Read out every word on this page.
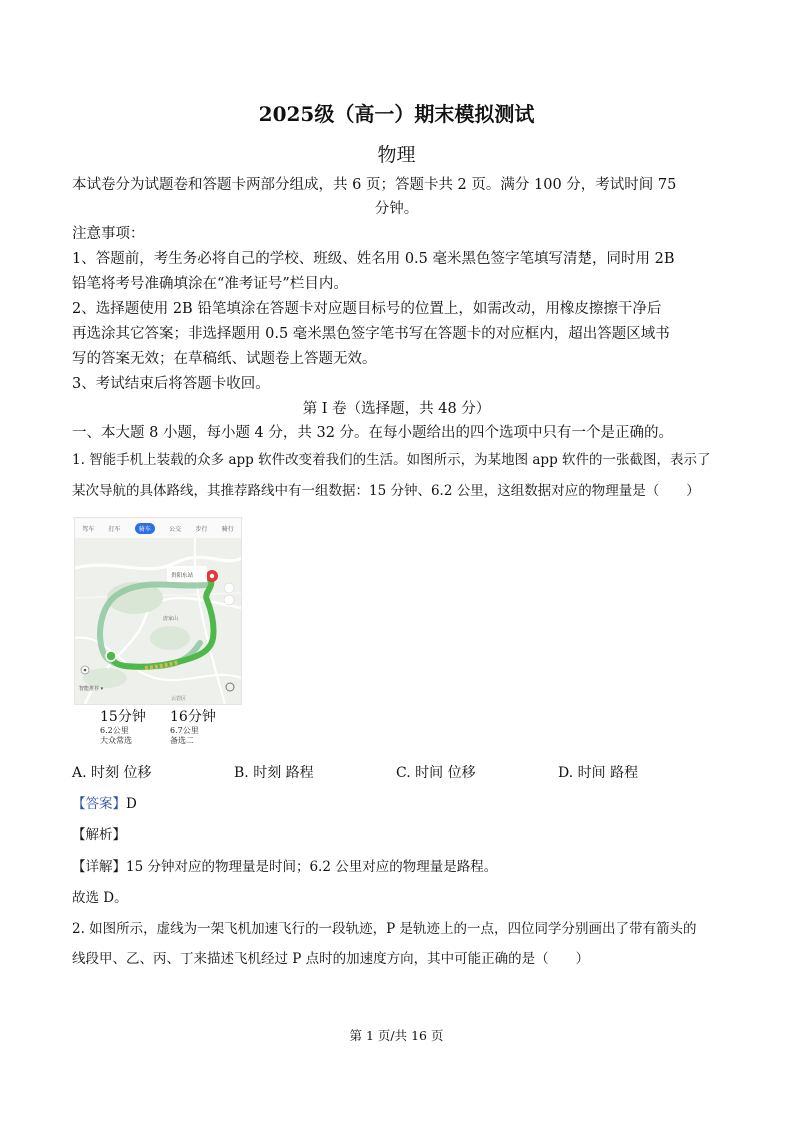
2025级（高一）期末模拟测试
物理
本试卷分为试题卷和答题卡两部分组成，共 6 页；答题卡共 2 页。满分 100 分，考试时间 75
分钟。
注意事项：
1、答题前，考生务必将自己的学校、班级、姓名用 0.5 毫米黑色签字笔填写清楚，同时用 2B
铅笔将考号准确填涂在“准考证号”栏目内。
2、选择题使用 2B 铅笔填涂在答题卡对应题目标号的位置上，如需改动，用橡皮擦擦干净后
再选涂其它答案；非选择题用 0.5 毫米黑色签字笔书写在答题卡的对应框内，超出答题区域书
写的答案无效；在草稿纸、试题卷上答题无效。
3、考试结束后将答题卡收回。
第 I 卷（选择题，共 48 分）
一、本大题 8 小题，每小题 4 分，共 32 分。在每小题给出的四个选项中只有一个是正确的。
1. 智能手机上装载的众多 app 软件改变着我们的生活。如图所示，为某地图 app 软件的一张截图，表示了
某次导航的具体路线，其推荐路线中有一组数据：15 分钟、6.2 公里，这组数据对应的物理量是（　　）
驾车 打车	骑车	公交 步行 骑行
贵阳东站
唐家山
云岩区
智能推荐 ▾
15分钟
6.2公里
大众常选
16分钟
6.7公里
备选二
A. 时刻 位移	B. 时刻 路程	C. 时间 位移	D. 时间 路程
【答案】D
【解析】
【详解】15 分钟对应的物理量是时间；6.2 公里对应的物理量是路程。
故选 D。
2. 如图所示，虚线为一架飞机加速飞行的一段轨迹，P 是轨迹上的一点，四位同学分别画出了带有箭头的
线段甲、乙、丙、丁来描述飞机经过 P 点时的加速度方向，其中可能正确的是（　　）
第 1 页/共 16 页
